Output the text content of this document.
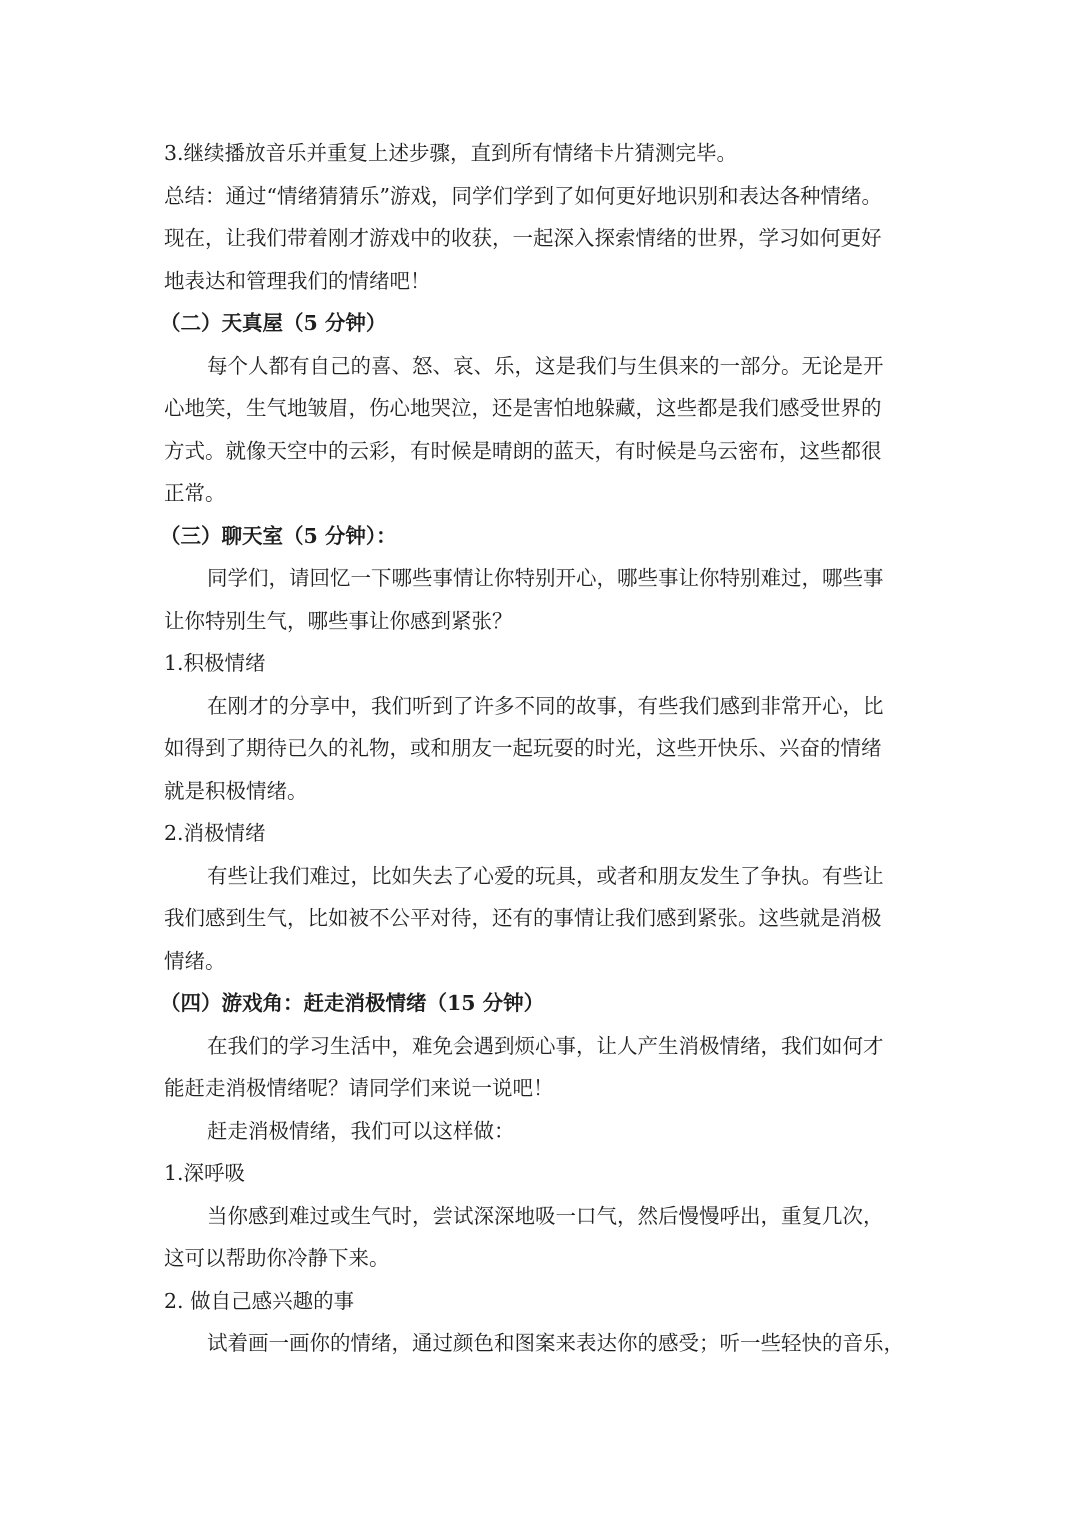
3.继续播放音乐并重复上述步骤，直到所有情绪卡片猜测完毕。
总结：通过“情绪猜猜乐”游戏，同学们学到了如何更好地识别和表达各种情绪。
现在，让我们带着刚才游戏中的收获，一起深入探索情绪的世界，学习如何更好
地表达和管理我们的情绪吧！
（二）天真屋（5 分钟）
每个人都有自己的喜、怒、哀、乐，这是我们与生俱来的一部分。无论是开
心地笑，生气地皱眉，伤心地哭泣，还是害怕地躲藏，这些都是我们感受世界的
方式。就像天空中的云彩，有时候是晴朗的蓝天，有时候是乌云密布，这些都很
正常。
（三）聊天室（5 分钟）：
同学们，请回忆一下哪些事情让你特别开心，哪些事让你特别难过，哪些事
让你特别生气，哪些事让你感到紧张？
1.积极情绪
在刚才的分享中，我们听到了许多不同的故事，有些我们感到非常开心，比
如得到了期待已久的礼物，或和朋友一起玩耍的时光，这些开快乐、兴奋的情绪
就是积极情绪。
2.消极情绪
有些让我们难过，比如失去了心爱的玩具，或者和朋友发生了争执。有些让
我们感到生气，比如被不公平对待，还有的事情让我们感到紧张。这些就是消极
情绪。
（四）游戏角：赶走消极情绪（15 分钟）
在我们的学习生活中，难免会遇到烦心事，让人产生消极情绪，我们如何才
能赶走消极情绪呢？请同学们来说一说吧！
赶走消极情绪，我们可以这样做：
1.深呼吸
当你感到难过或生气时，尝试深深地吸一口气，然后慢慢呼出，重复几次，
这可以帮助你冷静下来。
2. 做自己感兴趣的事
试着画一画你的情绪，通过颜色和图案来表达你的感受；听一些轻快的音乐，
